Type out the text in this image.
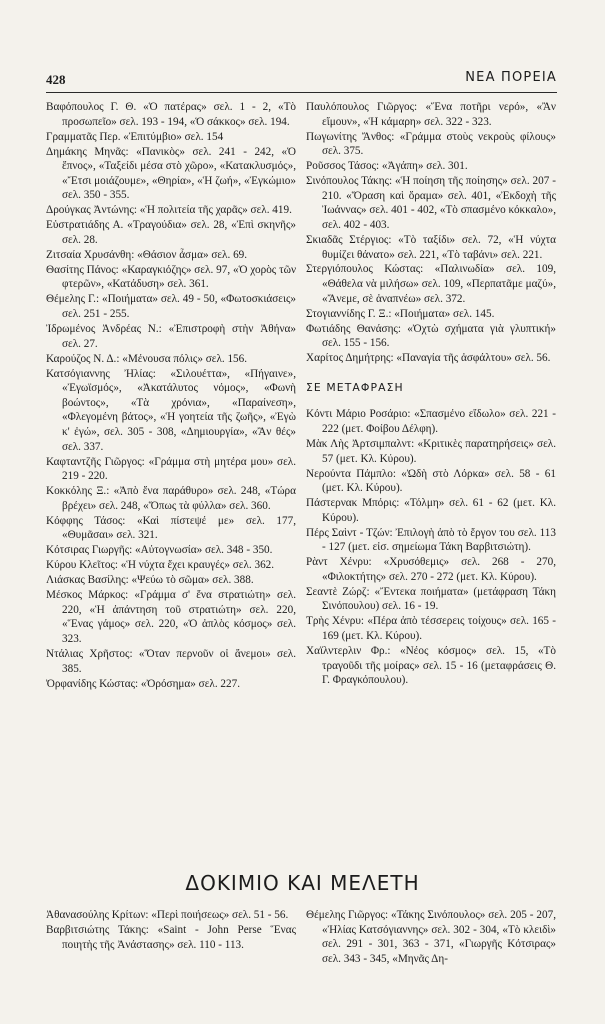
428	ΝΕΑ ΠΟΡΕΙΑ

Βαφόπουλος Γ. Θ. «Ὁ πατέρας» σελ. 1 - 2, «Τὸ προσωπεῖο» σελ. 193 - 194, «Ὁ σάκκος» σελ. 194.

Γραμματᾶς Περ. «Ἐπιτύμβιο» σελ. 154

Δημάκης Μηνᾶς: «Πανικὸς» σελ. 241 - 242, «Ὁ ἔπνος», «Ταξείδι μέσα στὸ χῶρο», «Κατακλυσμός», «Ἔτσι μοιάζουμε», «Θηρία», «Ἡ ζωή», «Ἐγκώμιο» σελ. 350 - 355.

Δρούγκας Ἀντώνης: «Ἡ πολιτεία τῆς χαρᾶς» σελ. 419.

Εὐστρατιάδης Α. «Τραγούδια» σελ. 28, «Ἐπὶ σκηνῆς» σελ. 28.

Ζιτσαία Χρυσάνθη: «Θάσιον ἆσμα» σελ. 69.

Θασίτης Πάνος: «Καραγκιόζης» σελ. 97, «Ὁ χορὸς τῶν φτερῶν», «Κατάδυση» σελ. 361.

Θέμελης Γ.: «Ποιήματα» σελ. 49 - 50, «Φωτοσκιάσεις» σελ. 251 - 255.

Ἰδρωμένος Ἀνδρέας Ν.: «Ἐπιστροφὴ στὴν Ἀθήνα» σελ. 27.

Καρούζος Ν. Δ.: «Μένουσα πόλις» σελ. 156.

Κατσόγιαννης Ἠλίας: «Σιλουέττα», «Πήγαινε», «Ἐγωϊσμός», «Ἀκατάλυτος νόμος», «Φωνὴ βοώντος», «Τὰ χρόνια», «Παραίνεση», «Φλεγομένη βάτος», «Ἡ γοητεία τῆς ζωῆς», «Ἐγὼ κ' ἐγώ», σελ. 305 - 308, «Δημιουργία», «Ἂν θές» σελ. 337.

Καφταντζῆς Γιῶργος: «Γράμμα στὴ μητέρα μου» σελ. 219 - 220.

Κοκκόλης Ξ.: «Ἀπὸ ἕνα παράθυρο» σελ. 248, «Τώρα βρέχει» σελ. 248, «Ὅπως τὰ φύλλα» σελ. 360.

Κόφφης Τάσος: «Καὶ πίστεψέ με» σελ. 177, «Θυμᾶσαι» σελ. 321.

Κότσιρας Γιωργῆς: «Αὐτογνωσία» σελ. 348 - 350.

Κύρου Κλεῖτος: «Ἡ νύχτα ἔχει κραυγές» σελ. 362.

Λιάσκας Βασίλης: «Ψεύω τὸ σῶμα» σελ. 388.

Μέσκος Μάρκος: «Γράμμα σ' ἕνα στρατιώτη» σελ. 220, «Ἡ ἀπάντηση τοῦ στρατιώτη» σελ. 220, «Ἕνας γάμος» σελ. 220, «Ὁ ἁπλὸς κόσμος» σελ. 323.

Ντάλιας Χρῆστος: «Ὅταν περνοῦν οἱ ἄνεμοι» σελ. 385.

Ὀρφανίδης Κώστας: «Ὀρόσημα» σελ. 227.

Παυλόπουλος Γιῶργος: «Ἕνα ποτῆρι νερό», «Ἂν εἴμουν», «Ἡ κάμαρη» σελ. 322 - 323.

Πωγωνίτης Ἄνθος: «Γράμμα στοὺς νεκροὺς φίλους» σελ. 375.

Ροῦσσος Τάσος: «Ἀγάπη» σελ. 301.

Σινόπουλος Τάκης: «Ἡ ποίηση τῆς ποίησης» σελ. 207 - 210. «Ὅραση καὶ ὅραμα» σελ. 401, «Ἐκδοχὴ τῆς Ἰωάννας» σελ. 401 - 402, «Τὸ σπασμένο κόκκαλο», σελ. 402 - 403.

Σκιαδᾶς Στέργιος: «Τὸ ταξίδι» σελ. 72, «Ἡ νύχτα θυμίζει θάνατο» σελ. 221, «Τὸ ταβάνι» σελ. 221.

Στεργιόπουλος Κώστας: «Παλινωδία» σελ. 109, «Θάθελα νὰ μιλήσω» σελ. 109, «Περπατᾶμε μαζύ», «Ἄνεμε, σὲ ἀναπνέω» σελ. 372.

Στογιαννίδης Γ. Ξ.: «Ποιήματα» σελ. 145.

Φωτιάδης Θανάσης: «Ὀχτὼ σχήματα γιὰ γλυπτική» σελ. 155 - 156.

Χαρίτος Δημήτρης: «Παναγία τῆς ἀσφάλτου» σελ. 56.

ΣΕ ΜΕΤΑΦΡΑΣΗ

Κόντι Μάριο Ροσάριο: «Σπασμένο εἴδωλο» σελ. 221 - 222 (μετ. Φοίβου Δέλφη).

Μὰκ Λὴς Ἀρτσιμπαλντ: «Κριτικὲς παρατηρήσεις» σελ. 57 (μετ. Κλ. Κύρου).

Νερούντα Πάμπλο: «Ὠδὴ στὸ Λόρκα» σελ. 58 - 61 (μετ. Κλ. Κύρου).

Πάστερνακ Μπόρις: «Τόλμη» σελ. 61 - 62 (μετ. Κλ. Κύρου).

Πέρς Σαὶντ - Τζών: Ἐπιλογὴ ἀπὸ τὸ ἔργον του σελ. 113 - 127 (μετ. εἰσ. σημείωμα Τάκη Βαρβιτσιώτη).

Ρὰντ Χένρυ: «Χρυσόθεμις» σελ. 268 - 270, «Φιλοκτήτης» σελ. 270 - 272 (μετ. Κλ. Κύρου).

Σεαντὲ Ζώρζ: «Ἔντεκα ποιήματα» (μετάφραση Τάκη Σινόπουλου) σελ. 16 - 19.

Τρὴς Χένρυ: «Πέρα ἀπὸ τέσσερεις τοίχους» σελ. 165 - 169 (μετ. Κλ. Κύρου).

Χαϊλντερλιν Φρ.: «Νέος κόσμος» σελ. 15, «Τὸ τραγοῦδι τῆς μοίρας» σελ. 15 - 16 (μεταφράσεις Θ. Γ. Φραγκόπουλου).

ΔΟΚΙΜΙΟ ΚΑΙ ΜΕΛΕΤΗ

Ἀθανασούλης Κρίτων: «Περὶ ποιήσεως» σελ. 51 - 56.

Βαρβιτσιώτης Τάκης: «Saint - John Perse Ἕνας ποιητὴς τῆς Ἀνάστασης» σελ. 110 - 113.

Θέμελης Γιῶργος: «Τάκης Σινόπουλος» σελ. 205 - 207, «Ἠλίας Κατσόγιαννης» σελ. 302 - 304, «Τὸ κλειδὶ» σελ. 291 - 301, 363 - 371, «Γιωργῆς Κότσιρας» σελ. 343 - 345, «Μηνᾶς Δη-
